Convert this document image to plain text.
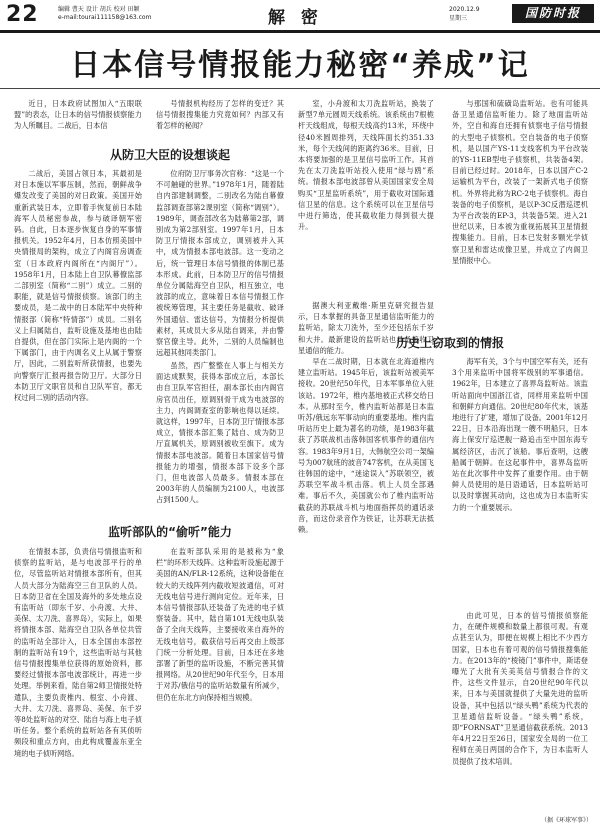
22	编辑 曹天 设计 胡兵 校对 田颖
e-mail:tourai111158@163.com	解 密	2020.12.9
星期三	国防时报
日本信号情报能力秘密“养成”记

近日，日本政府试图加入“五眼联盟”的表态，让日本的信号情报侦察能力为人所瞩目。二战后，日本信

从防卫大臣的设想谈起

二战后，美国占领日本，其最初是对日本施以军事压制，然而，朝鲜战争爆发改变了美国的对日政策。美国开始重新武装日本，立即着手恢复前日本陆海军人员秘密参战，参与破译朝军密码。自此，日本逐步恢复自身的军事情报机关。1952年4月，日本仿照美国中央情报局的架构，成立了内阁官房调查室（日本政府内阁所在“内阁厅”）。1958年1月，日本陆上自卫队幕僚监部二部别室（简称“二别”）成立。二别的职能，就是信号情报侦察。该部门的主要成员，是二战中的日本陆军中央特种情报部（简称“特情部”）成员。二别名义上归属陆自，监听设施及基地也由陆自提供，但在部门实际上是内阁的一个下属部门，由于内调名义上从属于警察厅，因此，二别监听所获情报，也要先向警察厅汇报再报告防卫厅。大部分日本防卫厅文职官员和自卫队军官，都无权过问二别的活动内容。

监听部队的“偷听”能力

在情报本部，负责信号情报监听和侦察的监听站，是与电波部平行的单位，尽管监听站对情报本部所有，但其人员大部分为陆海空三自卫队的人员。日本防卫省在全国及海外的多处地点设有监听站（即东千岁、小舟渡、大井、美保、太刀洗、喜界岛），实际上，如果将情报本部、陆海空自卫队各单位共管的监听站全部计入，日本全国由本部控制的监听站有19个，这些监听站与其他信号情报搜集单位获得的原始资料，都要经过情报本部电波部统计，再进一步处理。举例来看，陆自第2师卫情报处特遣队，主要负责椎内、根室、小舟渡、大井、太刀洗、喜界岛、美保、东千岁等8处监听站的对空、陆自与海上电子侦听任务。整个系统的监听站各有其侦听频段和重点方向，由此构成覆盖东亚全境的电子侦听网络。

号情报机构经历了怎样的变迁？其信号情报搜集能力究竟如何？内部又有着怎样的秘闻？

位府防卫厅事务次官称：“这是一个不可触碰的世界。”1978年1月，随着陆自内部建制调整，二别改名为陆自幕僚监部调查部第2课别室（简称“调别”）。1989年，调查部改名为陆幕第2部，调别成为第2部别室。1997年1月，日本防卫厅情报本部成立，调别被并入其中，成为情报本部电波部。这一变动之后，统一管理日本信号情报的体制已基本形成。此前，日本防卫厅的信号情报单位分属陆海空自卫队，相互独立，电波部的成立，意味着日本信号情报工作被统筹管理，其主要任务是截收、破译外国通信、雷达信号，为情报分析提供素材，其成员大多从陆自调来，并由警察官僚主导。此外，二别的人员编制也远超其他同类部门。

虽然，西广整整在人事上与相关方面达成默契，获得本部成立后，本部长由自卫队军官担任，副本部长由内阁官房官员出任，原调别骨干成为电波部的主力，内阁调查室的影响也得以延续。就这样，1997年，日本防卫厅情报本部成立，情报本部汇集了陆自、成为防卫厅直属机关，原调别被收至旗下。成为情报本部电波部。随着日本国家信号情报能力的增强，情报本部下设多个部门，但电波部人员最多。情报本部在2003年的人员编制为2100人，电波部占到1500人。

在监听部队采用的是被称为“象栏”的环形天线阵。这种监听设施起源于美国的AN/FLR-12系统，这种设备能在较大的天线阵列内截收短波通信，可对无线电信号进行测向定位。近年来，日本信号情报部队还装备了先进的电子侦察装备。其中，陆自第101无线电队装备了全向天线阵，主要接收来自海外的无线电信号，截获信号后再交由上级部门统一分析处理。目前，日本还在多地部署了新型的监听设施，不断完善其情报网络。从20世纪90年代至今，日本用于对苏/俄信号的监听站数量有所减少，但仍在东北方向保持相当规模。

室，小舟渡和太刀洗监听站，换装了新型7单元圆周天线系统。该系统由7根桅杆天线组成，每根天线高约13米，环绕中径40米圆周排列，天线阵面长约351.33米，每个天线间的距离约36米。目前，日本将要加强的是卫星信号监听工作。其首先在太刀洗监听站投入使用“绿与鸥”系统。情报本部电波部曾从美国国家安全局购买“卫星监听系统”，用于截收对国际通信卫星的信息。这个系统可以在卫星信号中进行筛选，使其截收能力得到很大提升。

据澳大利亚戴维·斯里克研究报告显示，日本掌握的具备卫星通信监听能力的监听站，除太刀洗外，至少还包括东千岁和大井。最新建设的监听站也具备接收卫星通信的能力。

历史上窃取到的情报

早在二战时期，日本就在北海道椎内建立监听站。1945年后，该监听站被美军接收。20世纪50年代，日本军事单位入驻该站。1972年，椎内基地被正式移交给日本。从那时至今，椎内监听站都是日本监听苏/俄远东军事动向的重要基地。椎内监听站历史上最为著名的功绩，是1983年截获了苏联战机击落韩国客机事件的通信内容。1983年9月1日，大韩航空公司一架编号为007航班的波音747客机，在从美国飞往韩国的途中，“迷途误入”苏联领空，被苏联空军战斗机击落。机上人员全部遇难。事后不久，美国就公布了椎内监听站截获的苏联战斗机与地面指挥员的通话录音，而这份录音作为铁证，让苏联无法抵赖。

与那国和硫磺岛监听站。也有可能具备卫星通信监听能力。除了地面监听站外，空自和海自还拥有侦察电子信号情报的大型电子侦察机。空自装备的电子侦察机，是以国产YS-11支线客机为平台改装的YS-11EB型电子侦察机，共装备4架。目前已经过时。2018年，日本以国产C-2运输机为平台，改装了一架新式电子侦察机。外界将此称为RC-2电子侦察机。海自装备的电子侦察机，是以P-3C反潜巡逻机为平台改装的EP-3，共装备5架。进入21世纪以来，日本被为重视拓展其卫星情报搜集能力。目前，日本已发射多颗光学侦察卫星和雷达成像卫星，并成立了内阁卫星情报中心。

海军有关，3个与中国空军有关，还有3个用来监听中国将军级别的军事通信。1962年，日本建立了喜界岛监听站。该监听站面向中国浙江省，同样用来监听中国和朝鲜方向通信。20世纪80年代末，该基地进行了扩建，增加了设备。2001年12月22日，日本沿海出现一艘不明船只，日本海上保安厅巡逻舰一路追击至中国东海专属经济区，击沉了该船。事后查明，这艘船属于朝鲜。在这起事件中，喜界岛监听站在此次事件中发挥了重要作用。由于朝鲜人员使用的是日语通话，日本监听站可以及时掌握其动向，这也成为日本监听实力的一个重要展示。

由此可见，日本的信号情报侦察能力，在硬件规模和数量上都很可观。有观点甚至认为，即便在规模上相比不少西方国家，日本也有着可观的信号情报搜集能力。在2013年的“棱镜门”事件中，斯诺登曝光了大批有关美英信号情报合作的文件，这些文件显示，自20世纪90年代以来，日本与美国就提供了大量先进的监听设备，其中包括以“绿头鸭”系统为代表的卫星通信监听设备。“绿头鸭”系统，即“FORNSAT”卫星通信截获系统。2013年4月22日至26日，国家安全局的一位工程师在美日两国的合作下，为日本监听人员提供了技术培训。

（据《环球军事》）
